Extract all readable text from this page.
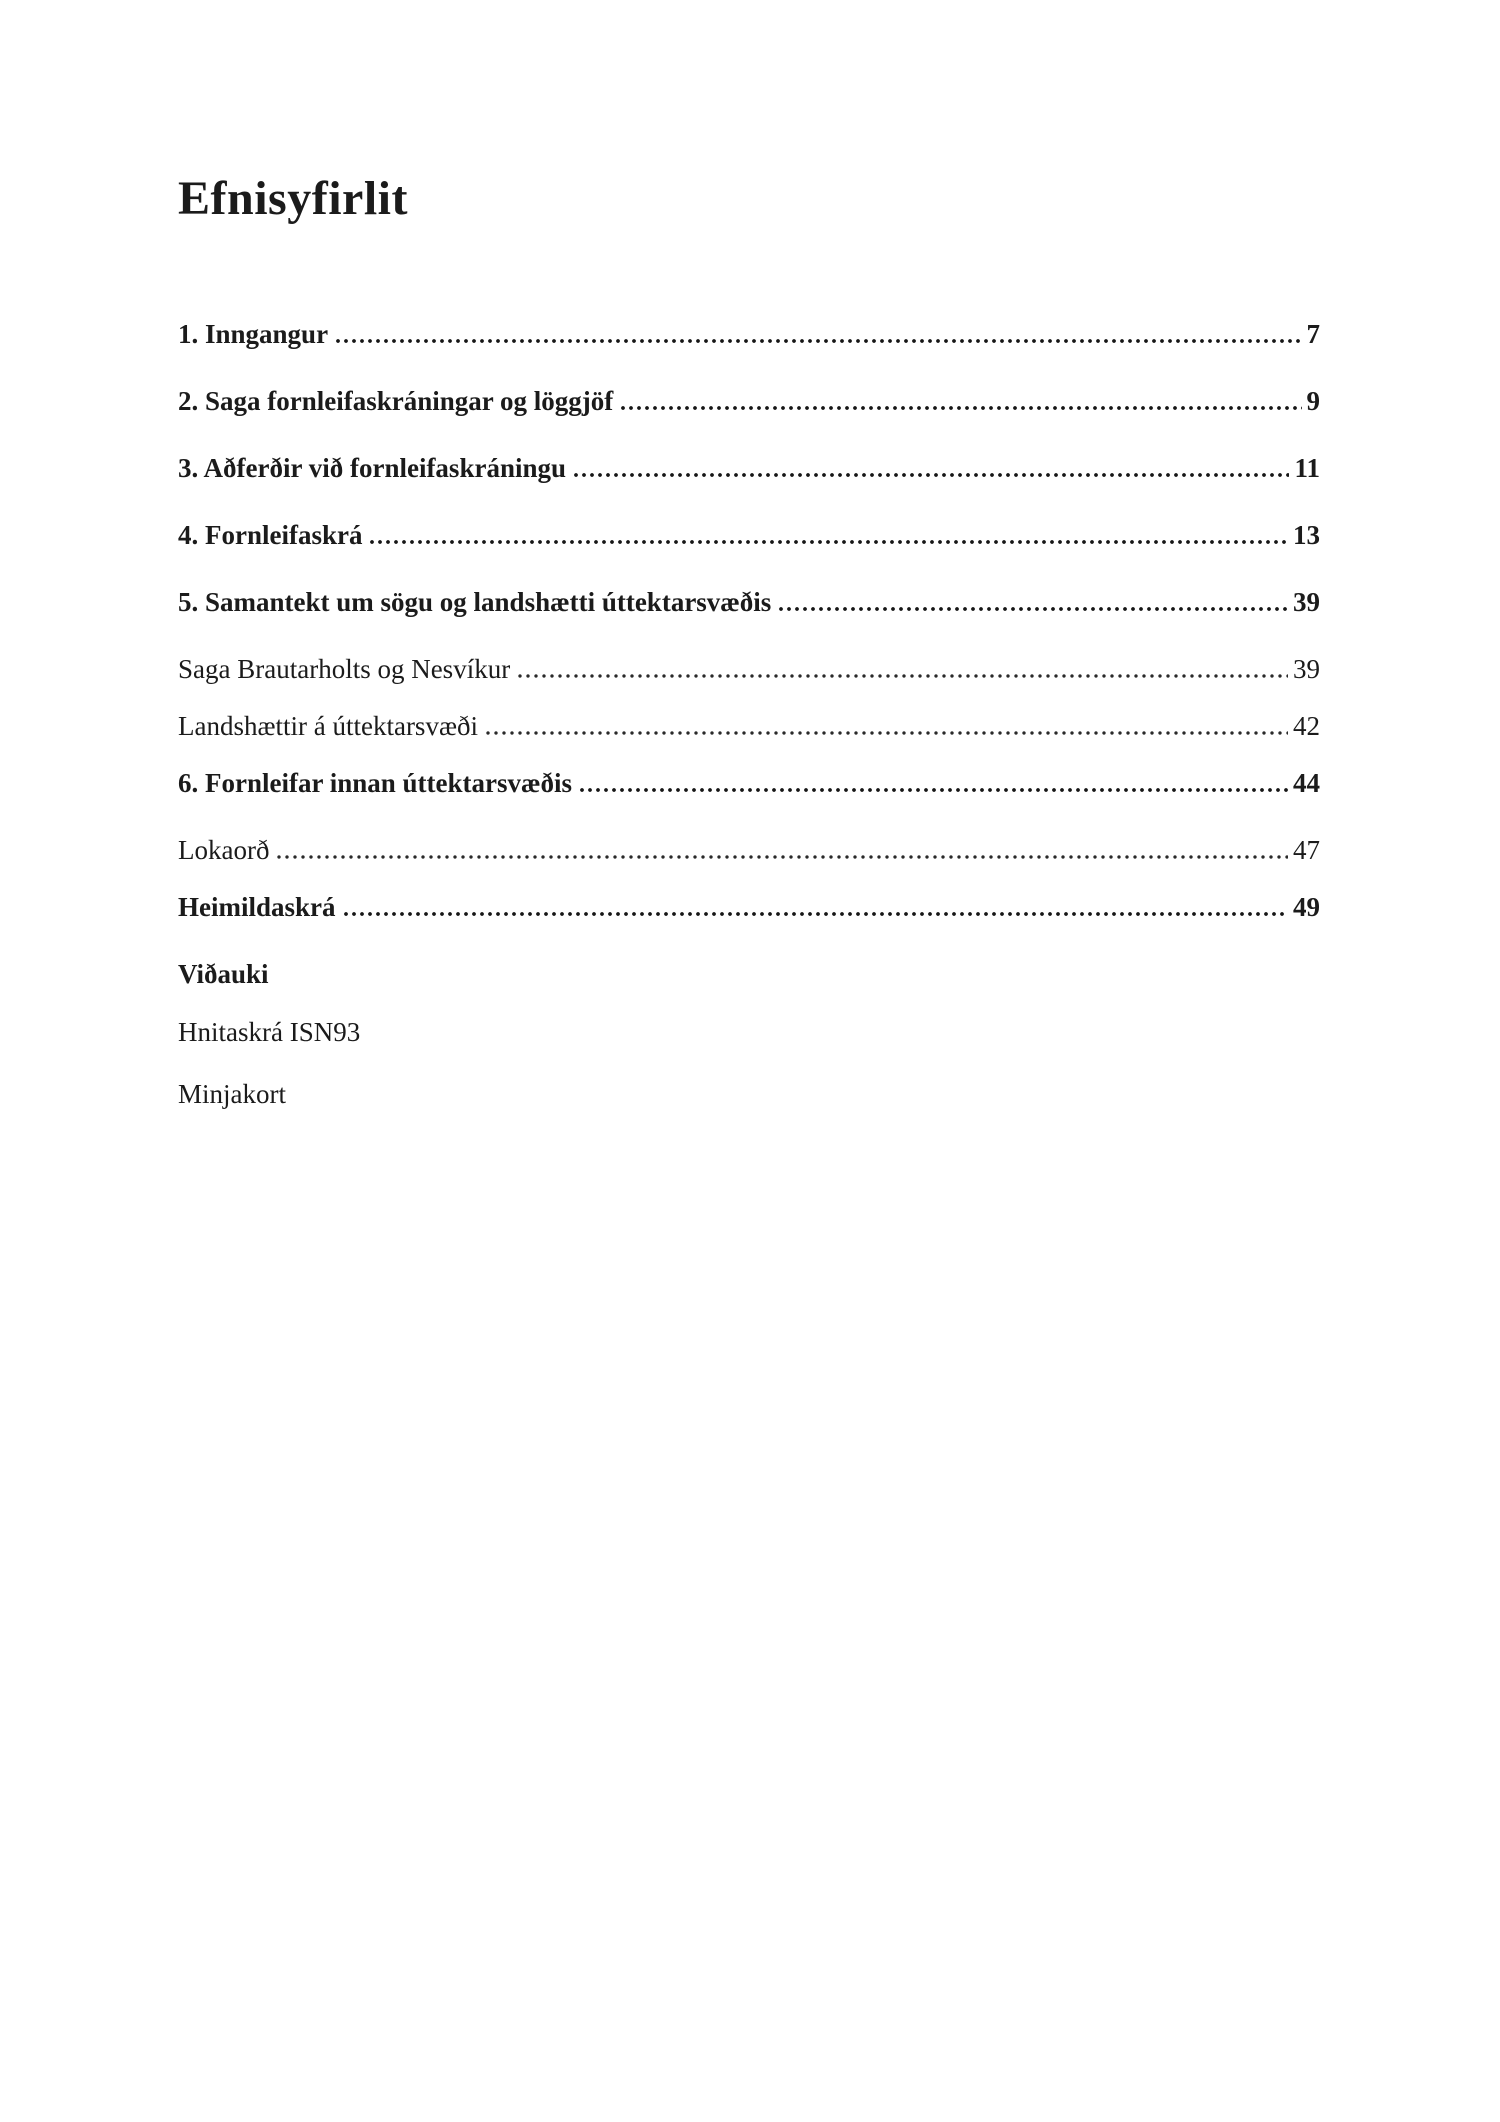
Efnisyfirlit
1. Inngangur	7
2. Saga fornleifaskráningar og löggjöf	9
3. Aðferðir við fornleifaskráningu	11
4. Fornleifaskrá	13
5. Samantekt um sögu og landshætti úttektarsvæðis	39
Saga Brautarholts og Nesvíkur	39
Landshættir á úttektarsvæði	42
6. Fornleifar innan úttektarsvæðis	44
Lokaorð	47
Heimildaskrá	49
Viðauki
Hnitaskrá ISN93
Minjakort
